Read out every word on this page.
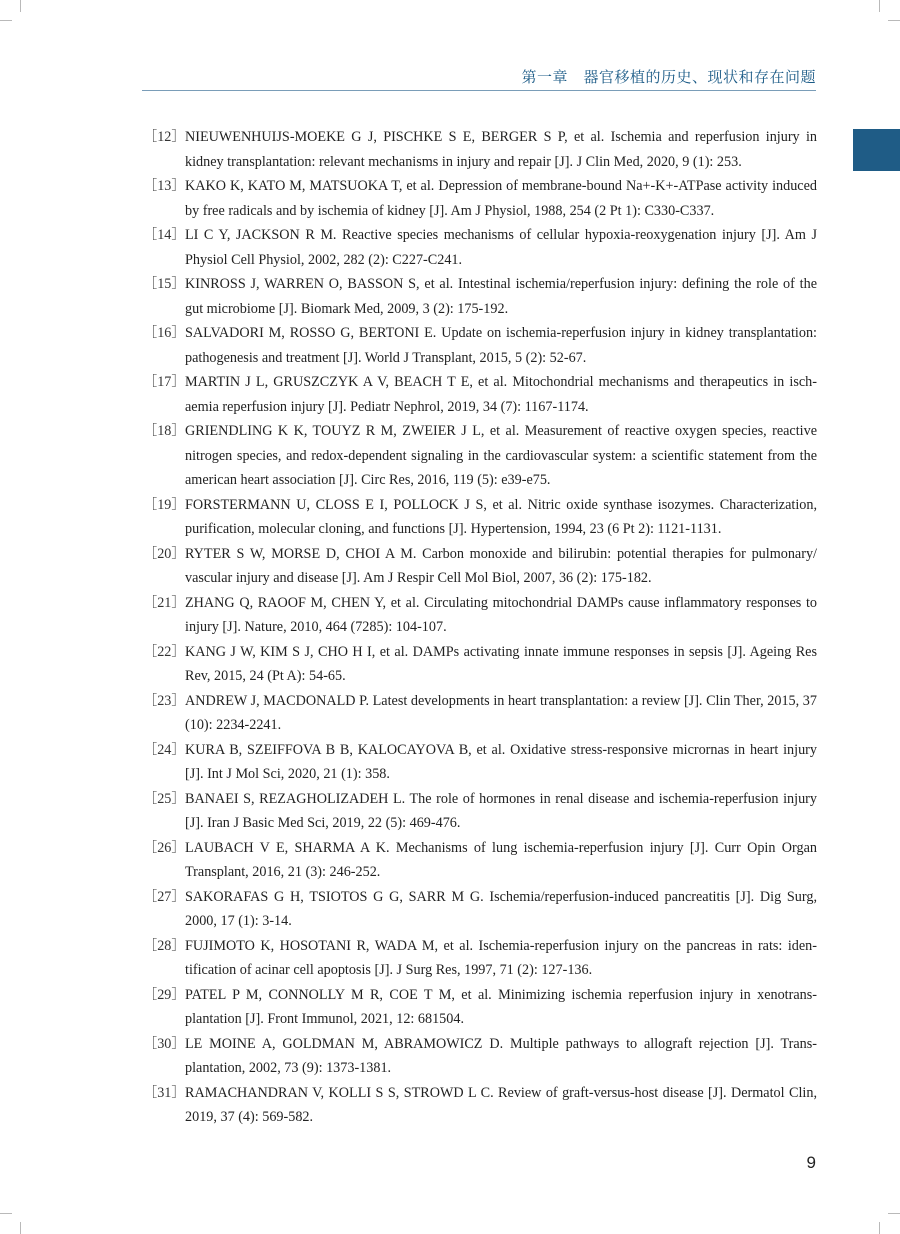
第一章　器官移植的历史、现状和存在问题
［12］ NIEUWENHUIJS-MOEKE G J, PISCHKE S E, BERGER S P, et al. Ischemia and reperfusion injury in kidney transplantation: relevant mechanisms in injury and repair [J]. J Clin Med, 2020, 9 (1): 253.
［13］ KAKO K, KATO M, MATSUOKA T, et al. Depression of membrane-bound Na+-K+-ATPase activity induced by free radicals and by ischemia of kidney [J]. Am J Physiol, 1988, 254 (2 Pt 1): C330-C337.
［14］ LI C Y, JACKSON R M. Reactive species mechanisms of cellular hypoxia-reoxygenation injury [J]. Am J Physiol Cell Physiol, 2002, 282 (2): C227-C241.
［15］ KINROSS J, WARREN O, BASSON S, et al. Intestinal ischemia/reperfusion injury: defining the role of the gut microbiome [J]. Biomark Med, 2009, 3 (2): 175-192.
［16］ SALVADORI M, ROSSO G, BERTONI E. Update on ischemia-reperfusion injury in kidney transplantation: pathogenesis and treatment [J]. World J Transplant, 2015, 5 (2): 52-67.
［17］ MARTIN J L, GRUSZCZYK A V, BEACH T E, et al. Mitochondrial mechanisms and therapeutics in ischaemia reperfusion injury [J]. Pediatr Nephrol, 2019, 34 (7): 1167-1174.
［18］ GRIENDLING K K, TOUYZ R M, ZWEIER J L, et al. Measurement of reactive oxygen species, reactive nitrogen species, and redox-dependent signaling in the cardiovascular system: a scientific statement from the american heart association [J]. Circ Res, 2016, 119 (5): e39-e75.
［19］ FORSTERMANN U, CLOSS E I, POLLOCK J S, et al. Nitric oxide synthase isozymes. Characterization, purification, molecular cloning, and functions [J]. Hypertension, 1994, 23 (6 Pt 2): 1121-1131.
［20］ RYTER S W, MORSE D, CHOI A M. Carbon monoxide and bilirubin: potential therapies for pulmonary/ vascular injury and disease [J]. Am J Respir Cell Mol Biol, 2007, 36 (2): 175-182.
［21］ ZHANG Q, RAOOF M, CHEN Y, et al. Circulating mitochondrial DAMPs cause inflammatory responses to injury [J]. Nature, 2010, 464 (7285): 104-107.
［22］ KANG J W, KIM S J, CHO H I, et al. DAMPs activating innate immune responses in sepsis [J]. Ageing Res Rev, 2015, 24 (Pt A): 54-65.
［23］ ANDREW J, MACDONALD P. Latest developments in heart transplantation: a review [J]. Clin Ther, 2015, 37 (10): 2234-2241.
［24］ KURA B, SZEIFFOVA B B, KALOCAYOVA B, et al. Oxidative stress-responsive micrornas in heart injury [J]. Int J Mol Sci, 2020, 21 (1): 358.
［25］ BANAEI S, REZAGHOLIZADEH L. The role of hormones in renal disease and ischemia-reperfusion injury [J]. Iran J Basic Med Sci, 2019, 22 (5): 469-476.
［26］ LAUBACH V E, SHARMA A K. Mechanisms of lung ischemia-reperfusion injury [J]. Curr Opin Organ Transplant, 2016, 21 (3): 246-252.
［27］ SAKORAFAS G H, TSIOTOS G G, SARR M G. Ischemia/reperfusion-induced pancreatitis [J]. Dig Surg, 2000, 17 (1): 3-14.
［28］ FUJIMOTO K, HOSOTANI R, WADA M, et al. Ischemia-reperfusion injury on the pancreas in rats: identification of acinar cell apoptosis [J]. J Surg Res, 1997, 71 (2): 127-136.
［29］ PATEL P M, CONNOLLY M R, COE T M, et al. Minimizing ischemia reperfusion injury in xenotransplantation [J]. Front Immunol, 2021, 12: 681504.
［30］ LE MOINE A, GOLDMAN M, ABRAMOWICZ D. Multiple pathways to allograft rejection [J]. Transplantation, 2002, 73 (9): 1373-1381.
［31］ RAMACHANDRAN V, KOLLI S S, STROWD L C. Review of graft-versus-host disease [J]. Dermatol Clin, 2019, 37 (4): 569-582.
9
